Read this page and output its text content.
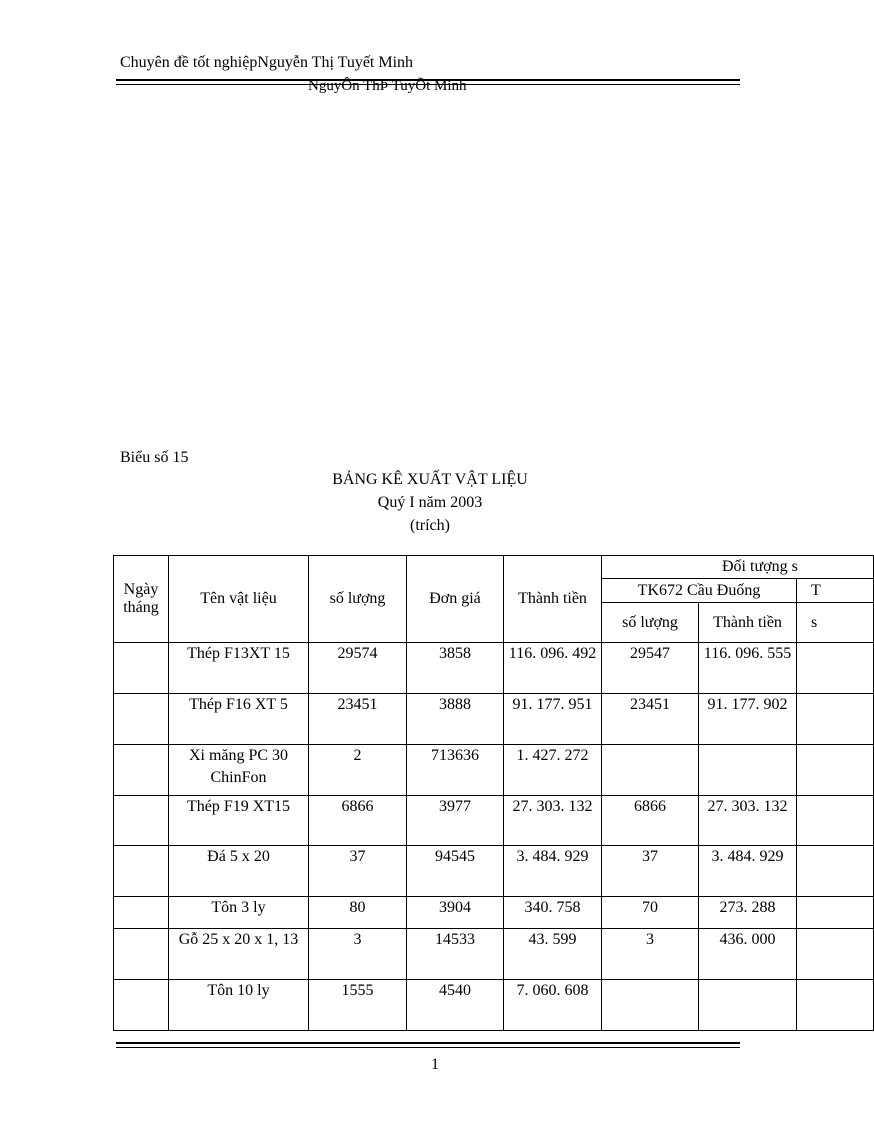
Chuyên đề tốt nghiệpNguyễn Thị Tuyết Minh
NguyÔn ThÞ TuyÕt Minh
Biểu số 15
BẢNG KÊ XUẤT VẬT LIỆU
Quý I năm 2003
(trích)
Ngày tháng	Tên vật liệu	số lượng	Đơn giá	Thành tiền	Đối tượng s		
					TK672 Cầu Đuống		T
					số lượng	Thành tiền	s
	Thép F13XT 15	29574	3858	116. 096. 492	29547	116. 096. 555	
	Thép F16 XT 5	23451	3888	91. 177. 951	23451	91. 177. 902	
	Xi măng PC 30 ChinFon	2	713636	1. 427. 272			
	Thép F19 XT15	6866	3977	27. 303. 132	6866	27. 303. 132	
	Đá 5 x 20	37	94545	3. 484. 929	37	3. 484. 929	
	Tôn 3 ly	80	3904	340. 758	70	273. 288	
	Gỗ 25 x 20 x 1, 13	3	14533	43. 599	3	436. 000	
	Tôn 10 ly	1555	4540	7. 060. 608			
1
